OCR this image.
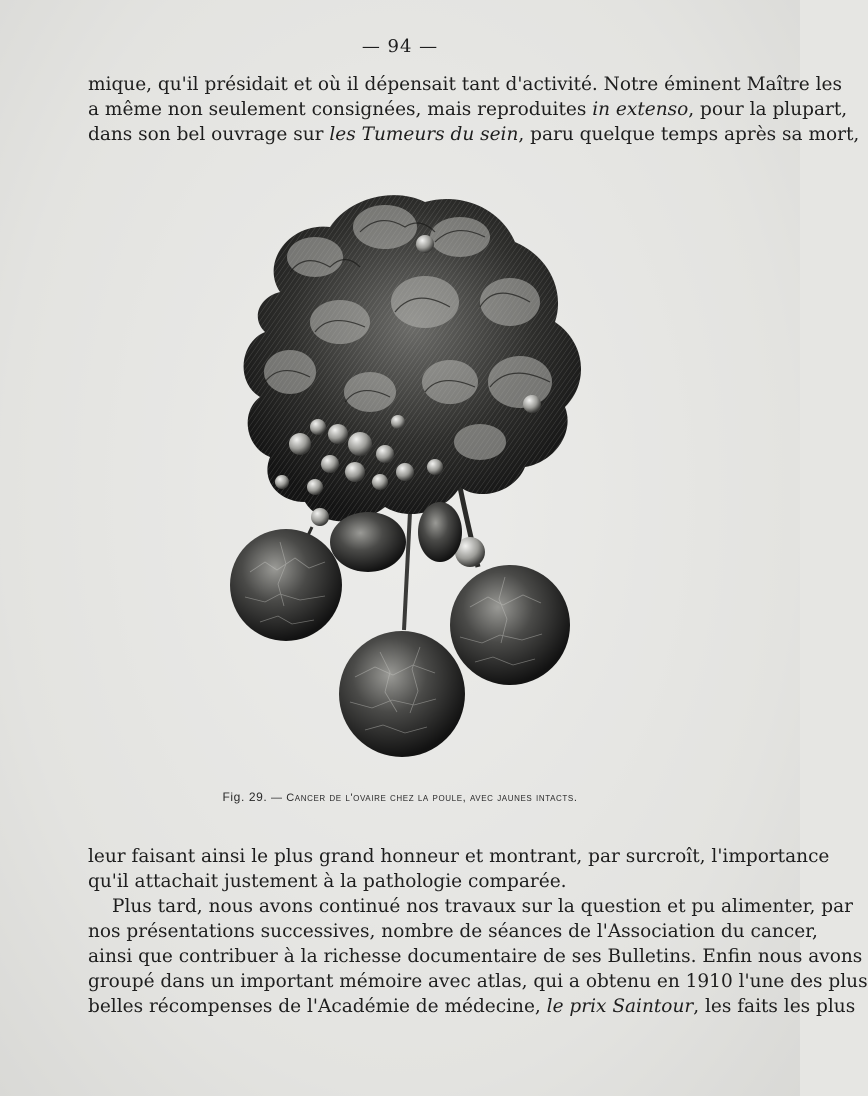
— 94 —
mique, qu'il présidait et où il dépensait tant d'activité. Notre éminent Maître les
a même non seulement consignées, mais reproduites in extenso, pour la plupart,
dans son bel ouvrage sur les Tumeurs du sein, paru quelque temps après sa mort,
Fig. 29. — Cancer de l'ovaire chez la poule, avec jaunes intacts.
leur faisant ainsi le plus grand honneur et montrant, par surcroît, l'importance
qu'il attachait justement à la pathologie comparée.
Plus tard, nous avons continué nos travaux sur la question et pu alimenter, par
nos présentations successives, nombre de séances de l'Association du cancer,
ainsi que contribuer à la richesse documentaire de ses Bulletins. Enfin nous avons
groupé dans un important mémoire avec atlas, qui a obtenu en 1910 l'une des plus
belles récompenses de l'Académie de médecine, le prix Saintour, les faits les plus
